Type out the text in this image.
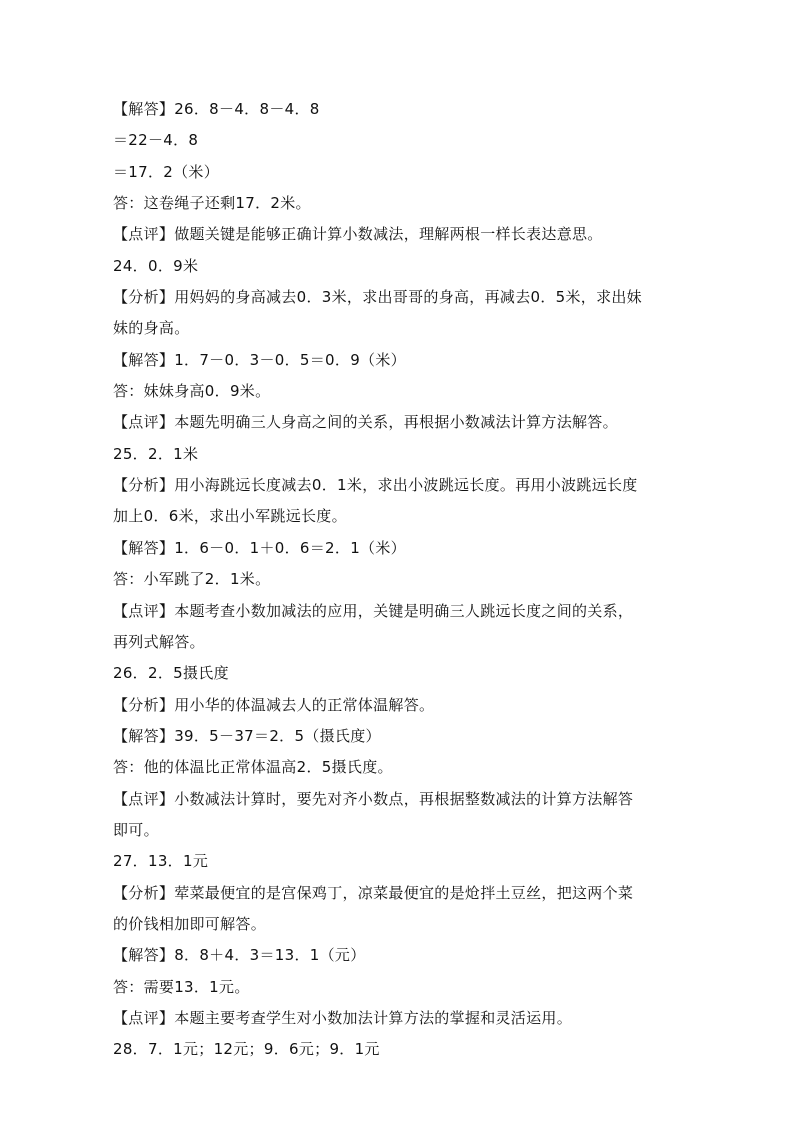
【解答】26．8－4．8－4．8
＝22－4．8
＝17．2（米）
答：这卷绳子还剩17．2米。
【点评】做题关键是能够正确计算小数减法，理解两根一样长表达意思。
24．0．9米
【分析】用妈妈的身高减去0．3米，求出哥哥的身高，再减去0．5米，求出妹
妹的身高。
【解答】1．7－0．3－0．5＝0．9（米）
答：妹妹身高0．9米。
【点评】本题先明确三人身高之间的关系，再根据小数减法计算方法解答。
25．2．1米
【分析】用小海跳远长度减去0．1米，求出小波跳远长度。再用小波跳远长度
加上0．6米，求出小军跳远长度。
【解答】1．6－0．1＋0．6＝2．1（米）
答：小军跳了2．1米。
【点评】本题考查小数加减法的应用，关键是明确三人跳远长度之间的关系，
再列式解答。
26．2．5摄氏度
【分析】用小华的体温减去人的正常体温解答。
【解答】39．5－37＝2．5（摄氏度）
答：他的体温比正常体温高2．5摄氏度。
【点评】小数减法计算时，要先对齐小数点，再根据整数减法的计算方法解答
即可。
27．13．1元
【分析】荤菜最便宜的是宫保鸡丁，凉菜最便宜的是炝拌土豆丝，把这两个菜
的价钱相加即可解答。
【解答】8．8＋4．3＝13．1（元）
答：需要13．1元。
【点评】本题主要考查学生对小数加法计算方法的掌握和灵活运用。
28．7．1元；12元；9．6元；9．1元
